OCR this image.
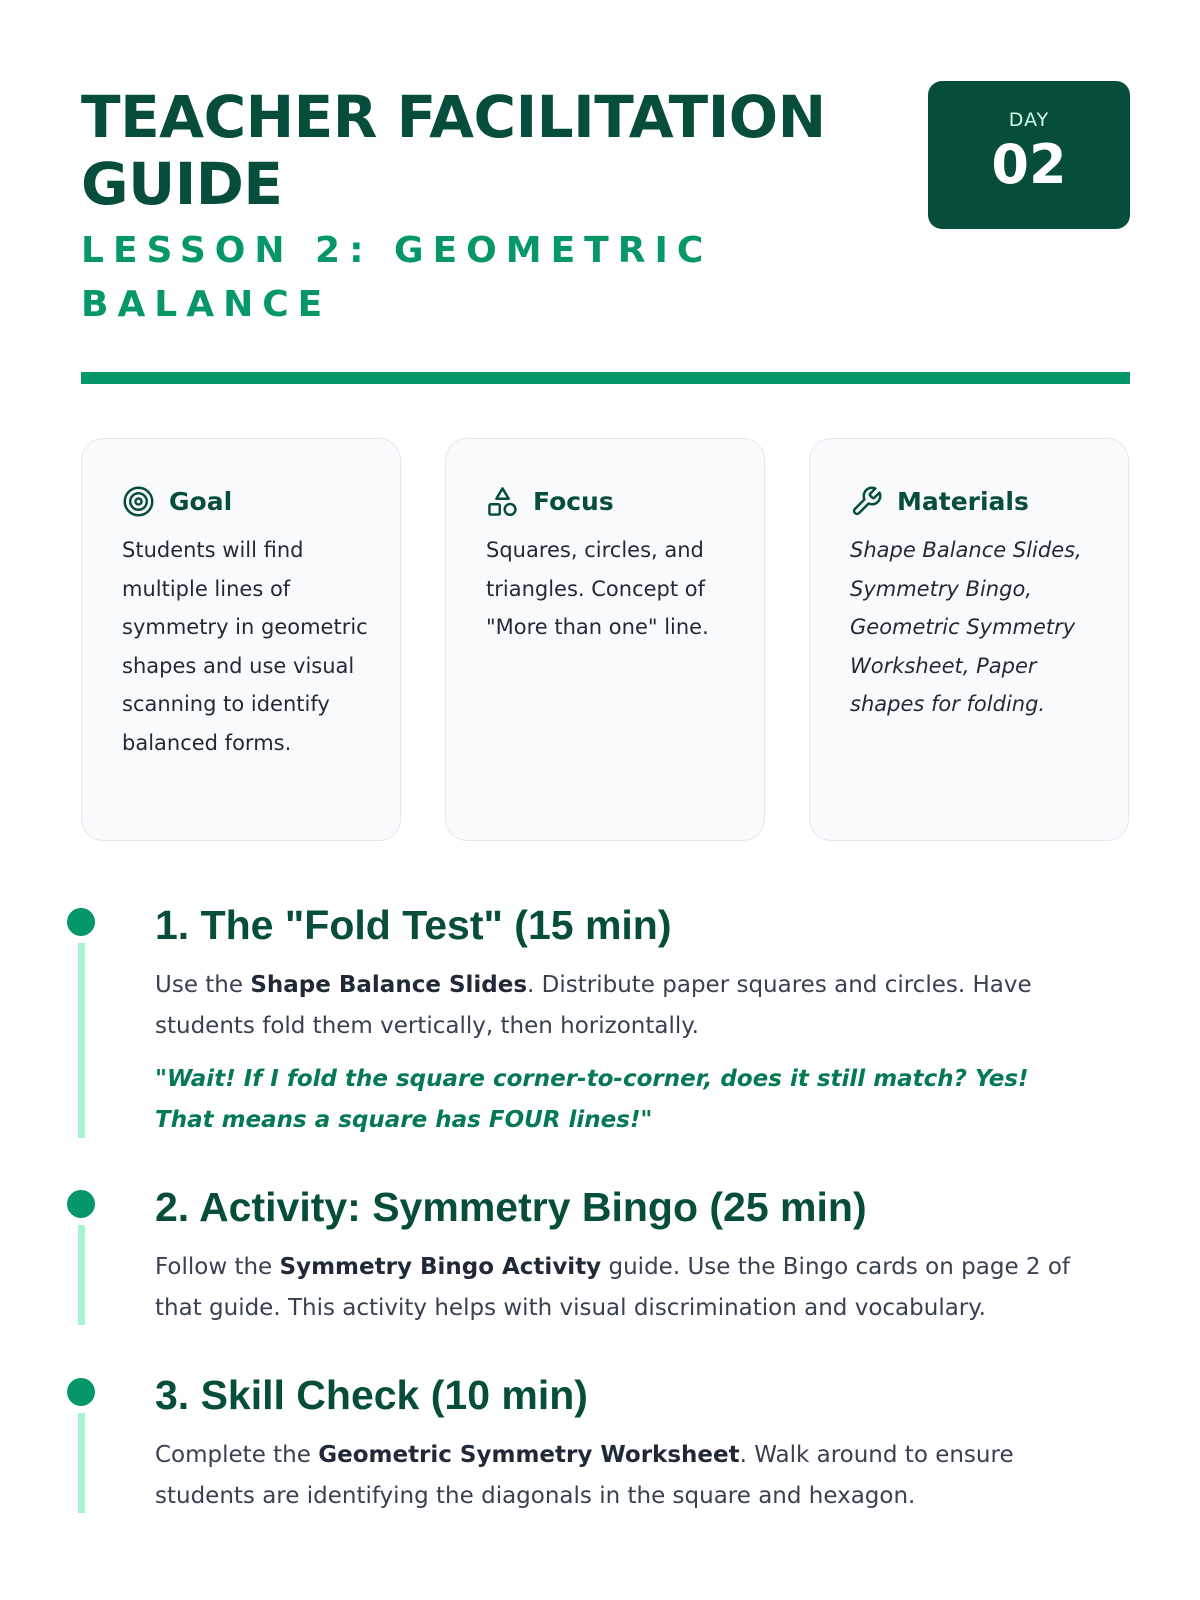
TEACHER FACILITATION GUIDE
LESSON 2: GEOMETRIC BALANCE
DAY
02
Goal

Students will find multiple lines of symmetry in geometric shapes and use visual scanning to identify balanced forms.

Focus

Squares, circles, and triangles. Concept of "More than one" line.

Materials

Shape Balance Slides, Symmetry Bingo, Geometric Symmetry Worksheet, Paper shapes for folding.

1. The "Fold Test" (15 min)

Use the Shape Balance Slides. Distribute paper squares and circles. Have students fold them vertically, then horizontally.

"Wait! If I fold the square corner-to-corner, does it still match? Yes! That means a square has FOUR lines!"

2. Activity: Symmetry Bingo (25 min)

Follow the Symmetry Bingo Activity guide. Use the Bingo cards on page 2 of that guide. This activity helps with visual discrimination and vocabulary.

3. Skill Check (10 min)

Complete the Geometric Symmetry Worksheet. Walk around to ensure students are identifying the diagonals in the square and hexagon.
